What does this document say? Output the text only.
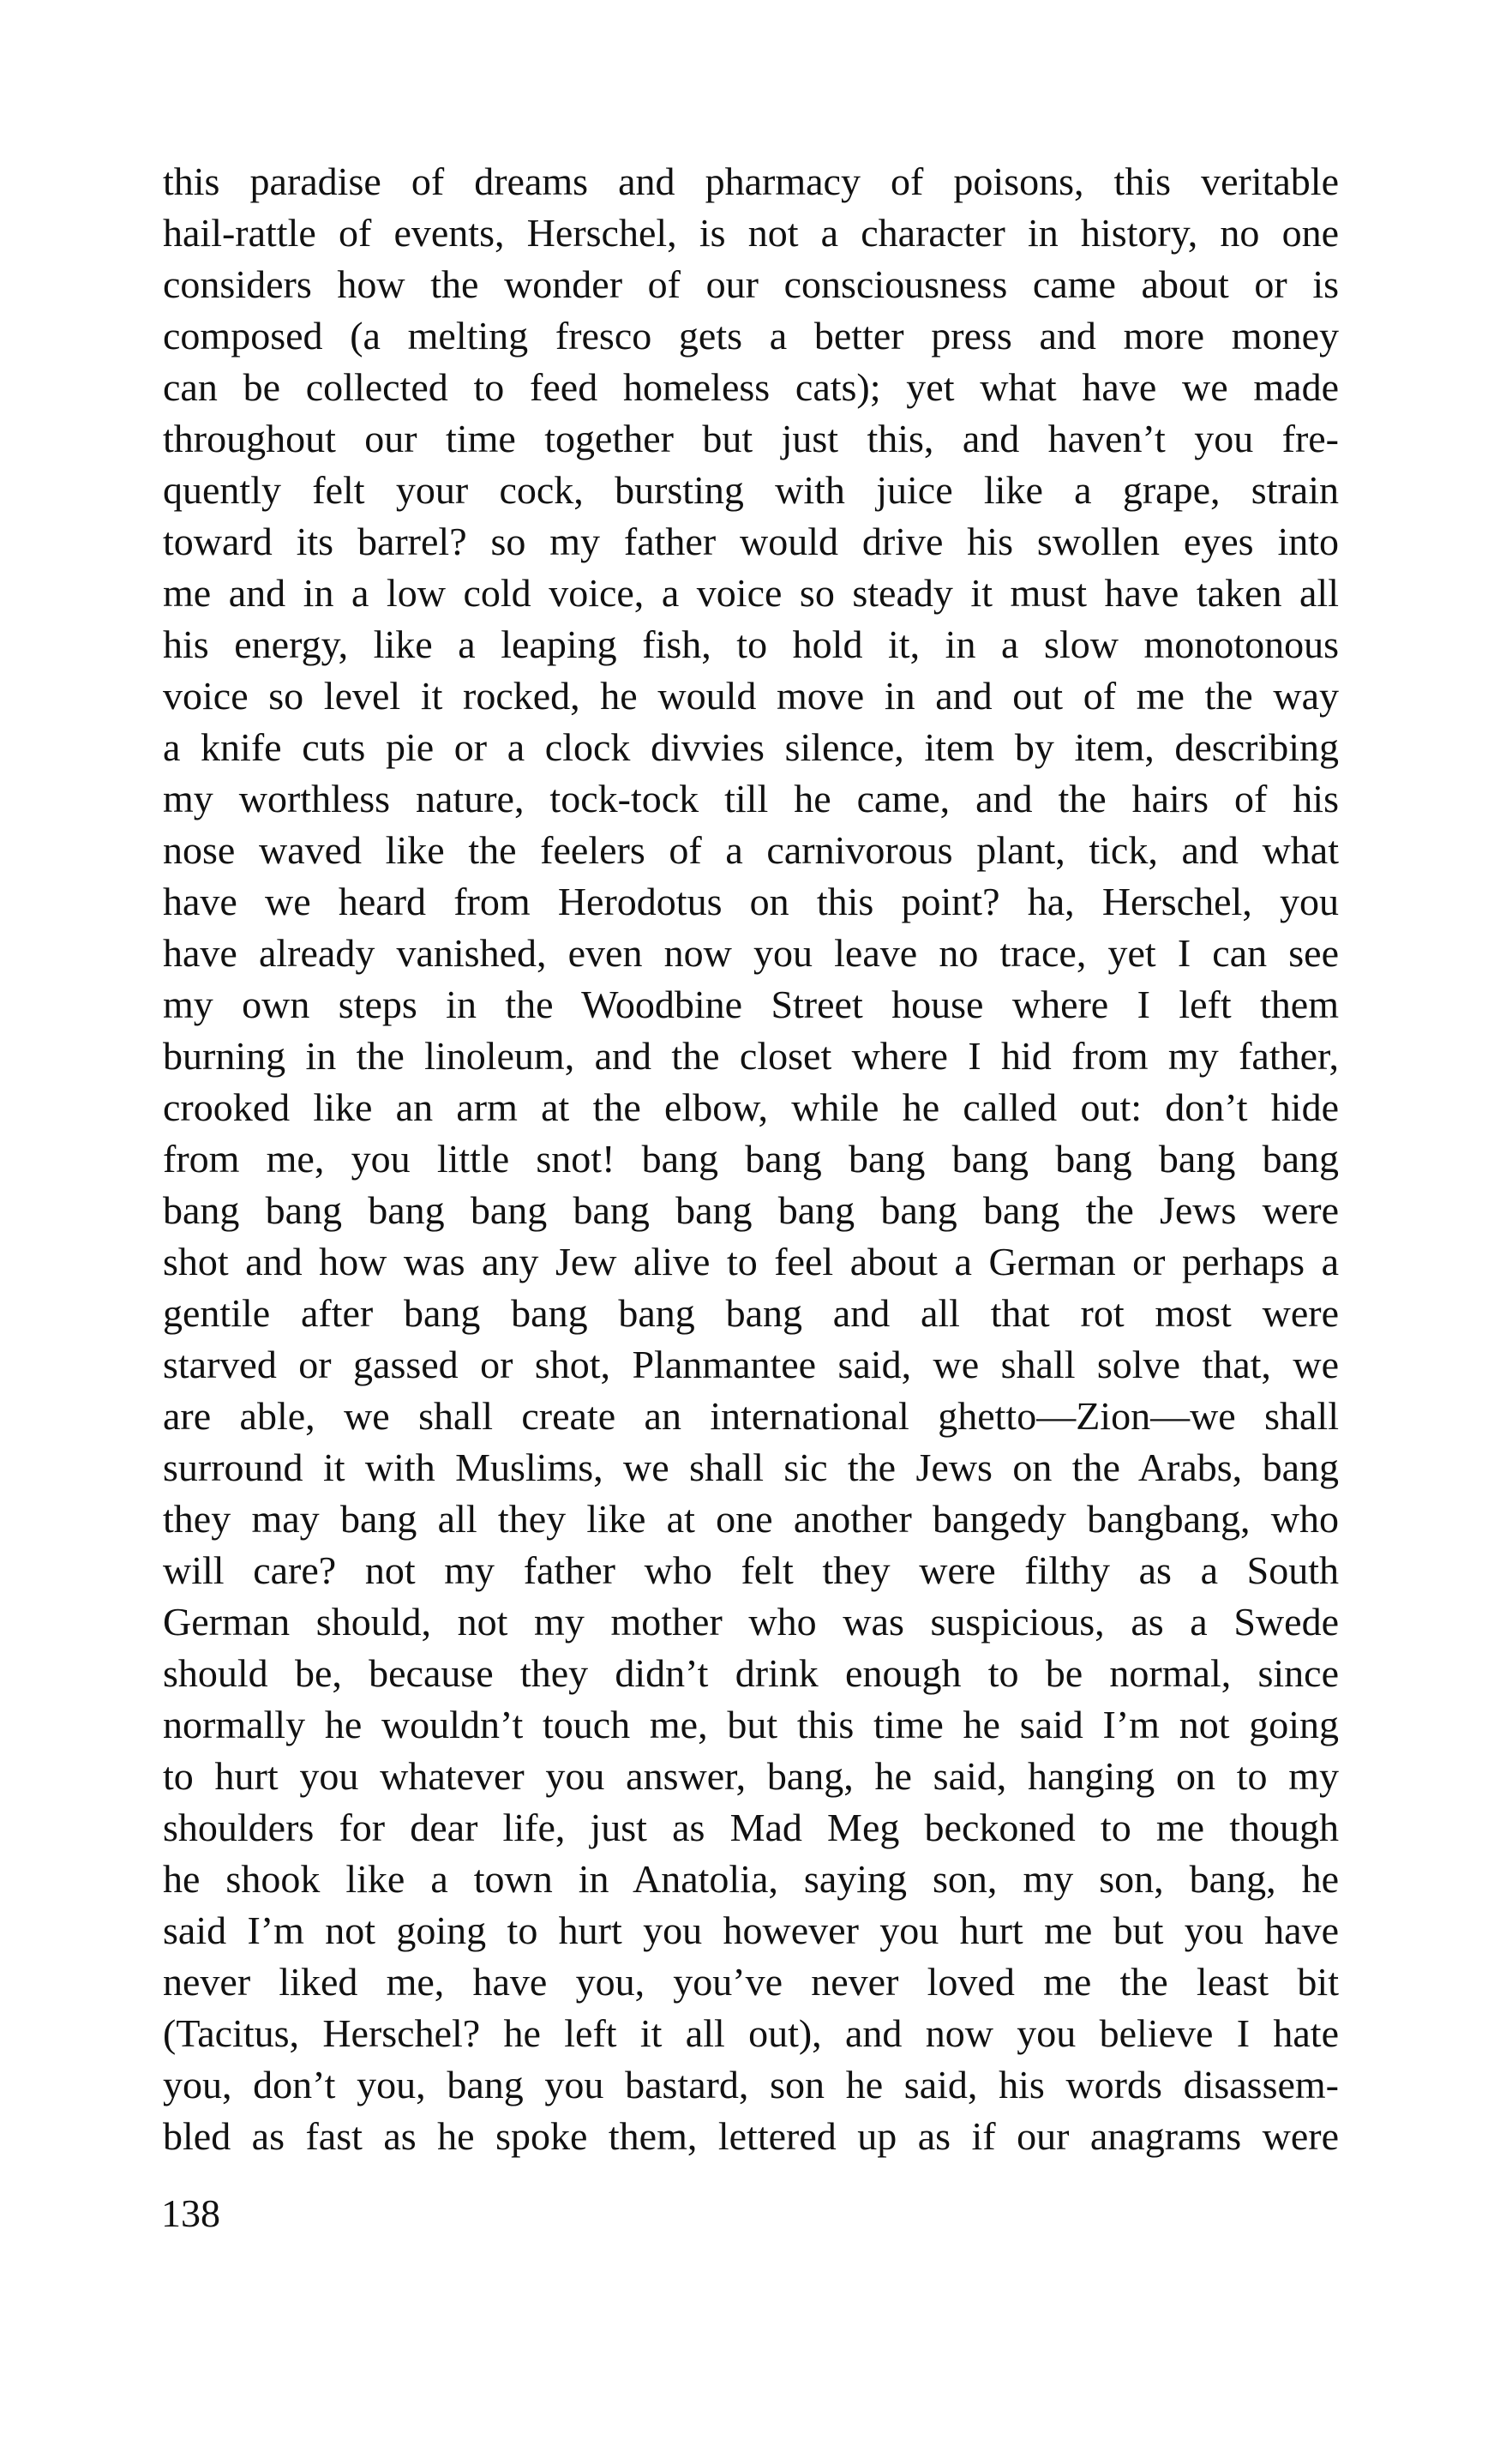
this paradise of dreams and pharmacy of poisons, this veritable
hail-rattle of events, Herschel, is not a character in history, no one
considers how the wonder of our consciousness came about or is
composed (a melting fresco gets a better press and more money
can be collected to feed homeless cats); yet what have we made
throughout our time together but just this, and haven’t you fre-
quently felt your cock, bursting with juice like a grape, strain
toward its barrel? so my father would drive his swollen eyes into
me and in a low cold voice, a voice so steady it must have taken all
his energy, like a leaping fish, to hold it, in a slow monotonous
voice so level it rocked, he would move in and out of me the way
a knife cuts pie or a clock divvies silence, item by item, describing
my worthless nature, tock-tock till he came, and the hairs of his
nose waved like the feelers of a carnivorous plant, tick, and what
have we heard from Herodotus on this point? ha, Herschel, you
have already vanished, even now you leave no trace, yet I can see
my own steps in the Woodbine Street house where I left them
burning in the linoleum, and the closet where I hid from my father,
crooked like an arm at the elbow, while he called out: don’t hide
from me, you little snot! bang bang bang bang bang bang bang
bang bang bang bang bang bang bang bang bang the Jews were
shot and how was any Jew alive to feel about a German or perhaps a
gentile after bang bang bang bang and all that rot most were
starved or gassed or shot, Planmantee said, we shall solve that, we
are able, we shall create an international ghetto—Zion—we shall
surround it with Muslims, we shall sic the Jews on the Arabs, bang
they may bang all they like at one another bangedy bangbang, who
will care? not my father who felt they were filthy as a South
German should, not my mother who was suspicious, as a Swede
should be, because they didn’t drink enough to be normal, since
normally he wouldn’t touch me, but this time he said I’m not going
to hurt you whatever you answer, bang, he said, hanging on to my
shoulders for dear life, just as Mad Meg beckoned to me though
he shook like a town in Anatolia, saying son, my son, bang, he
said I’m not going to hurt you however you hurt me but you have
never liked me, have you, you’ve never loved me the least bit
(Tacitus, Herschel? he left it all out), and now you believe I hate
you, don’t you, bang you bastard, son he said, his words disassem-
bled as fast as he spoke them, lettered up as if our anagrams were
138
